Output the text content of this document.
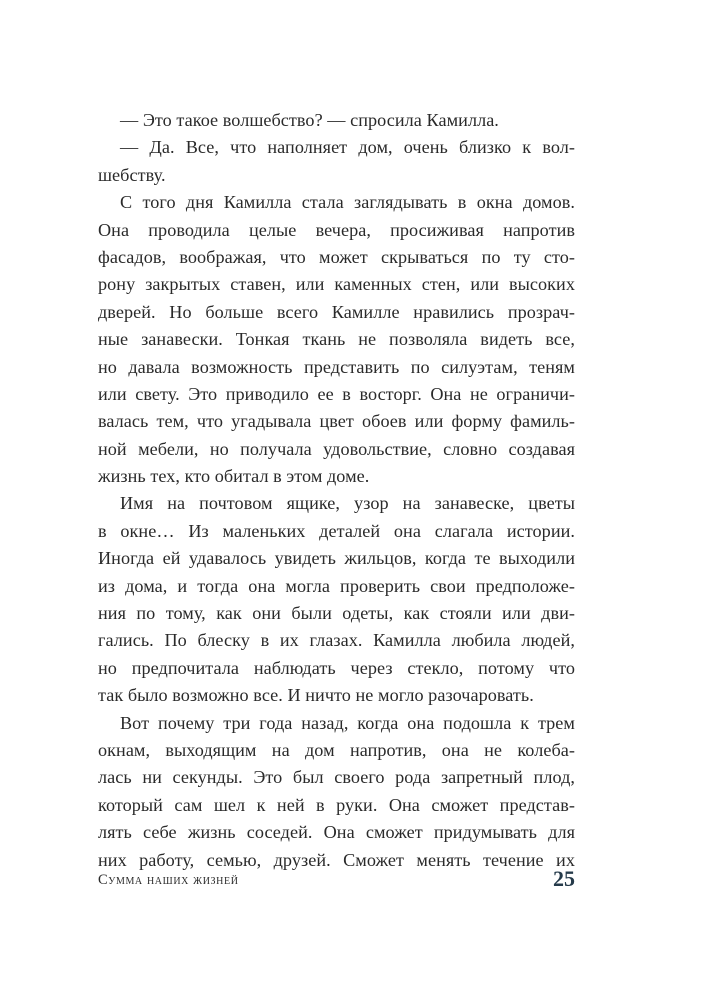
— Это такое волшебство? — спросила Камилла.
— Да. Все, что наполняет дом, очень близко к вол-
шебству.
С того дня Камилла стала заглядывать в окна домов.
Она проводила целые вечера, просиживая напротив
фасадов, воображая, что может скрываться по ту сто-
рону закрытых ставен, или каменных стен, или высоких
дверей. Но больше всего Камилле нравились прозрач-
ные занавески. Тонкая ткань не позволяла видеть все,
но давала возможность представить по силуэтам, теням
или свету. Это приводило ее в восторг. Она не ограничи-
валась тем, что угадывала цвет обоев или форму фамиль-
ной мебели, но получала удовольствие, словно создавая
жизнь тех, кто обитал в этом доме.
Имя на почтовом ящике, узор на занавеске, цветы
в окне… Из маленьких деталей она слагала истории.
Иногда ей удавалось увидеть жильцов, когда те выходили
из дома, и тогда она могла проверить свои предположе-
ния по тому, как они были одеты, как стояли или дви-
гались. По блеску в их глазах. Камилла любила людей,
но предпочитала наблюдать через стекло, потому что
так было возможно все. И ничто не могло разочаровать.
Вот почему три года назад, когда она подошла к трем
окнам, выходящим на дом напротив, она не колеба-
лась ни секунды. Это был своего рода запретный плод,
который сам шел к ней в руки. Она сможет представ-
лять себе жизнь соседей. Она сможет придумывать для
них работу, семью, друзей. Сможет менять течение их
Сумма наших жизней	25
